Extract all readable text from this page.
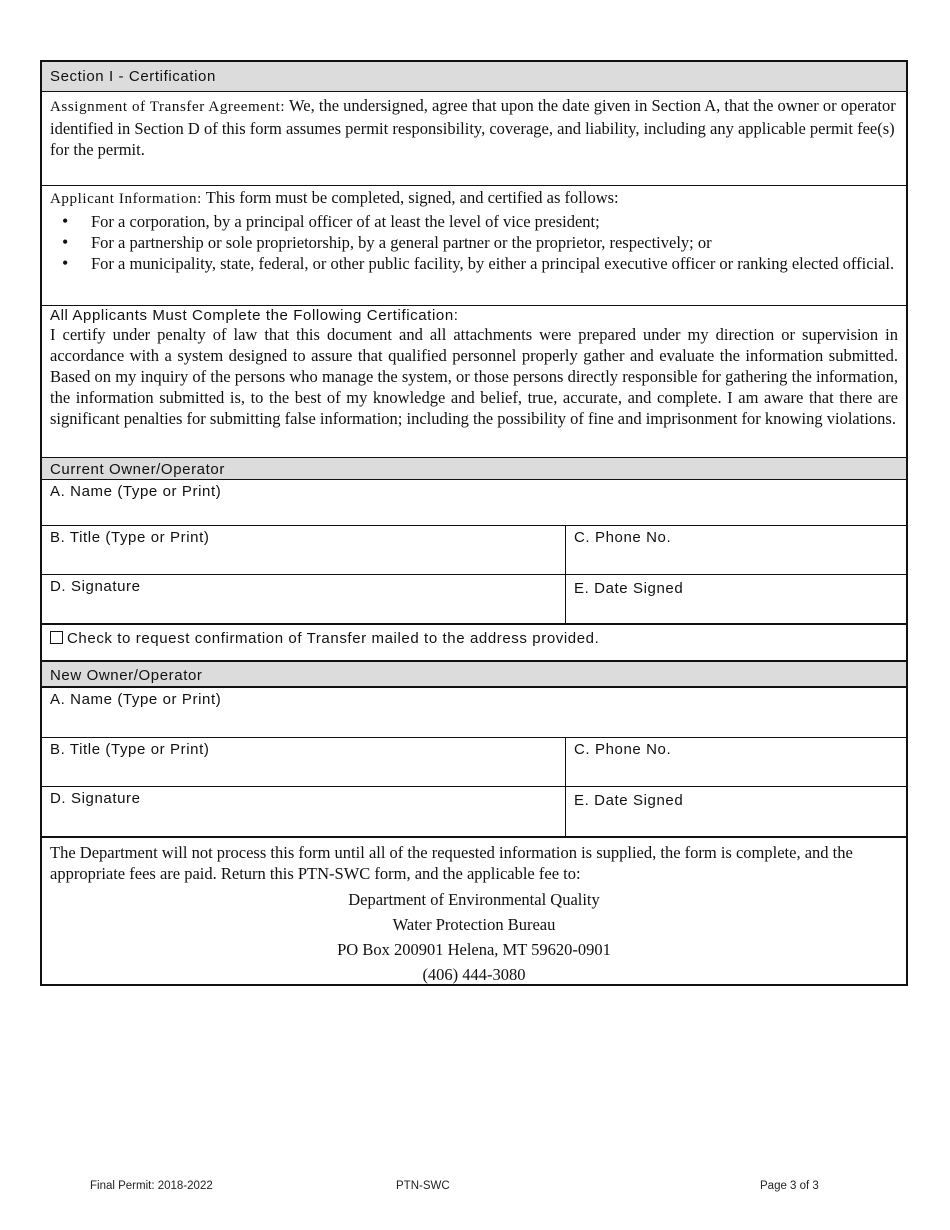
Section I - Certification
Assignment of Transfer Agreement: We, the undersigned, agree that upon the date given in Section A, that the owner or operator identified in Section D of this form assumes permit responsibility, coverage, and liability, including any applicable permit fee(s) for the permit.
Applicant Information: This form must be completed, signed, and certified as follows:
• For a corporation, by a principal officer of at least the level of vice president;
• For a partnership or sole proprietorship, by a general partner or the proprietor, respectively; or
• For a municipality, state, federal, or other public facility, by either a principal executive officer or ranking elected official.
All Applicants Must Complete the Following Certification:
I certify under penalty of law that this document and all attachments were prepared under my direction or supervision in accordance with a system designed to assure that qualified personnel properly gather and evaluate the information submitted. Based on my inquiry of the persons who manage the system, or those persons directly responsible for gathering the information, the information submitted is, to the best of my knowledge and belief, true, accurate, and complete. I am aware that there are significant penalties for submitting false information; including the possibility of fine and imprisonment for knowing violations.
Current Owner/Operator
A. Name (Type or Print)
B. Title (Type or Print)	C. Phone No.
D. Signature	E. Date Signed
Check to request confirmation of Transfer mailed to the address provided.
New Owner/Operator
A. Name (Type or Print)
B. Title (Type or Print)	C. Phone No.
D. Signature	E. Date Signed
The Department will not process this form until all of the requested information is supplied, the form is complete, and the appropriate fees are paid. Return this PTN-SWC form, and the applicable fee to:
Department of Environmental Quality
Water Protection Bureau
PO Box 200901 Helena, MT 59620-0901
(406) 444-3080
Final Permit: 2018-2022	PTN-SWC	Page 3 of 3
